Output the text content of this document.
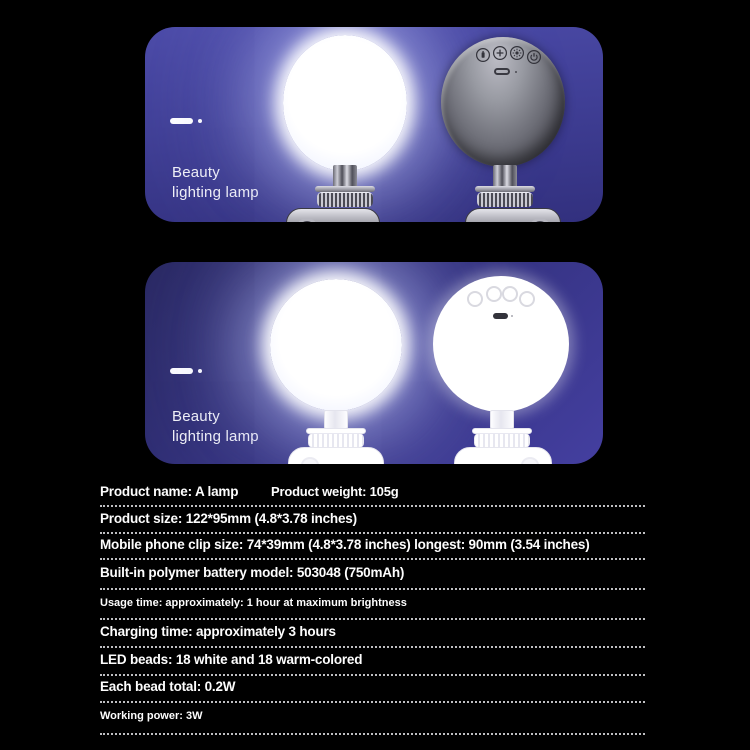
Beauty
lighting lamp
Beauty
lighting lamp
Product name: A lamp	Product weight: 105g
Product size: 122*95mm (4.8*3.78 inches)
Mobile phone clip size: 74*39mm (4.8*3.78 inches) longest: 90mm (3.54 inches)
Built-in polymer battery model: 503048 (750mAh)
Usage time: approximately: 1 hour at maximum brightness
Charging time: approximately 3 hours
LED beads: 18 white and 18 warm-colored
Each bead total: 0.2W
Working power: 3W
